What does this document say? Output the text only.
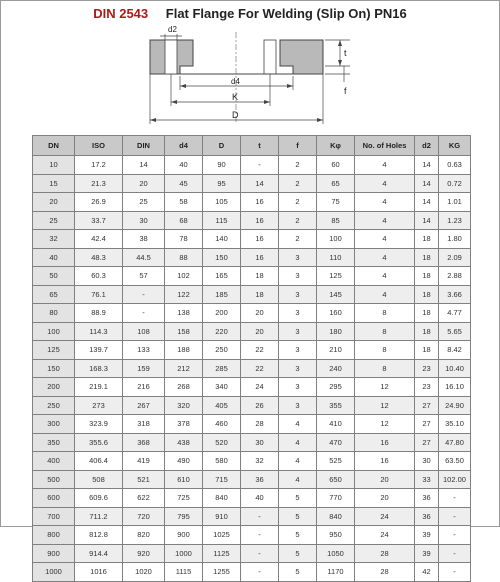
DIN 2543 Flat Flange For Welding (Slip On) PN16
d2
d4
K
D
t
f
DN	ISO	DIN	d4	D	t	f	Kφ	No. of Holes	d2	KG
10	17.2	14	40	90	-	2	60	4	14	0.63
15	21.3	20	45	95	14	2	65	4	14	0.72
20	26.9	25	58	105	16	2	75	4	14	1.01
25	33.7	30	68	115	16	2	85	4	14	1.23
32	42.4	38	78	140	16	2	100	4	18	1.80
40	48.3	44.5	88	150	16	3	110	4	18	2.09
50	60.3	57	102	165	18	3	125	4	18	2.88
65	76.1	-	122	185	18	3	145	4	18	3.66
80	88.9	-	138	200	20	3	160	8	18	4.77
100	114.3	108	158	220	20	3	180	8	18	5.65
125	139.7	133	188	250	22	3	210	8	18	8.42
150	168.3	159	212	285	22	3	240	8	23	10.40
200	219.1	216	268	340	24	3	295	12	23	16.10
250	273	267	320	405	26	3	355	12	27	24.90
300	323.9	318	378	460	28	4	410	12	27	35.10
350	355.6	368	438	520	30	4	470	16	27	47.80
400	406.4	419	490	580	32	4	525	16	30	63.50
500	508	521	610	715	36	4	650	20	33	102.00
600	609.6	622	725	840	40	5	770	20	36	-
700	711.2	720	795	910	-	5	840	24	36	-
800	812.8	820	900	1025	-	5	950	24	39	-
900	914.4	920	1000	1125	-	5	1050	28	39	-
1000	1016	1020	1115	1255	-	5	1170	28	42	-
